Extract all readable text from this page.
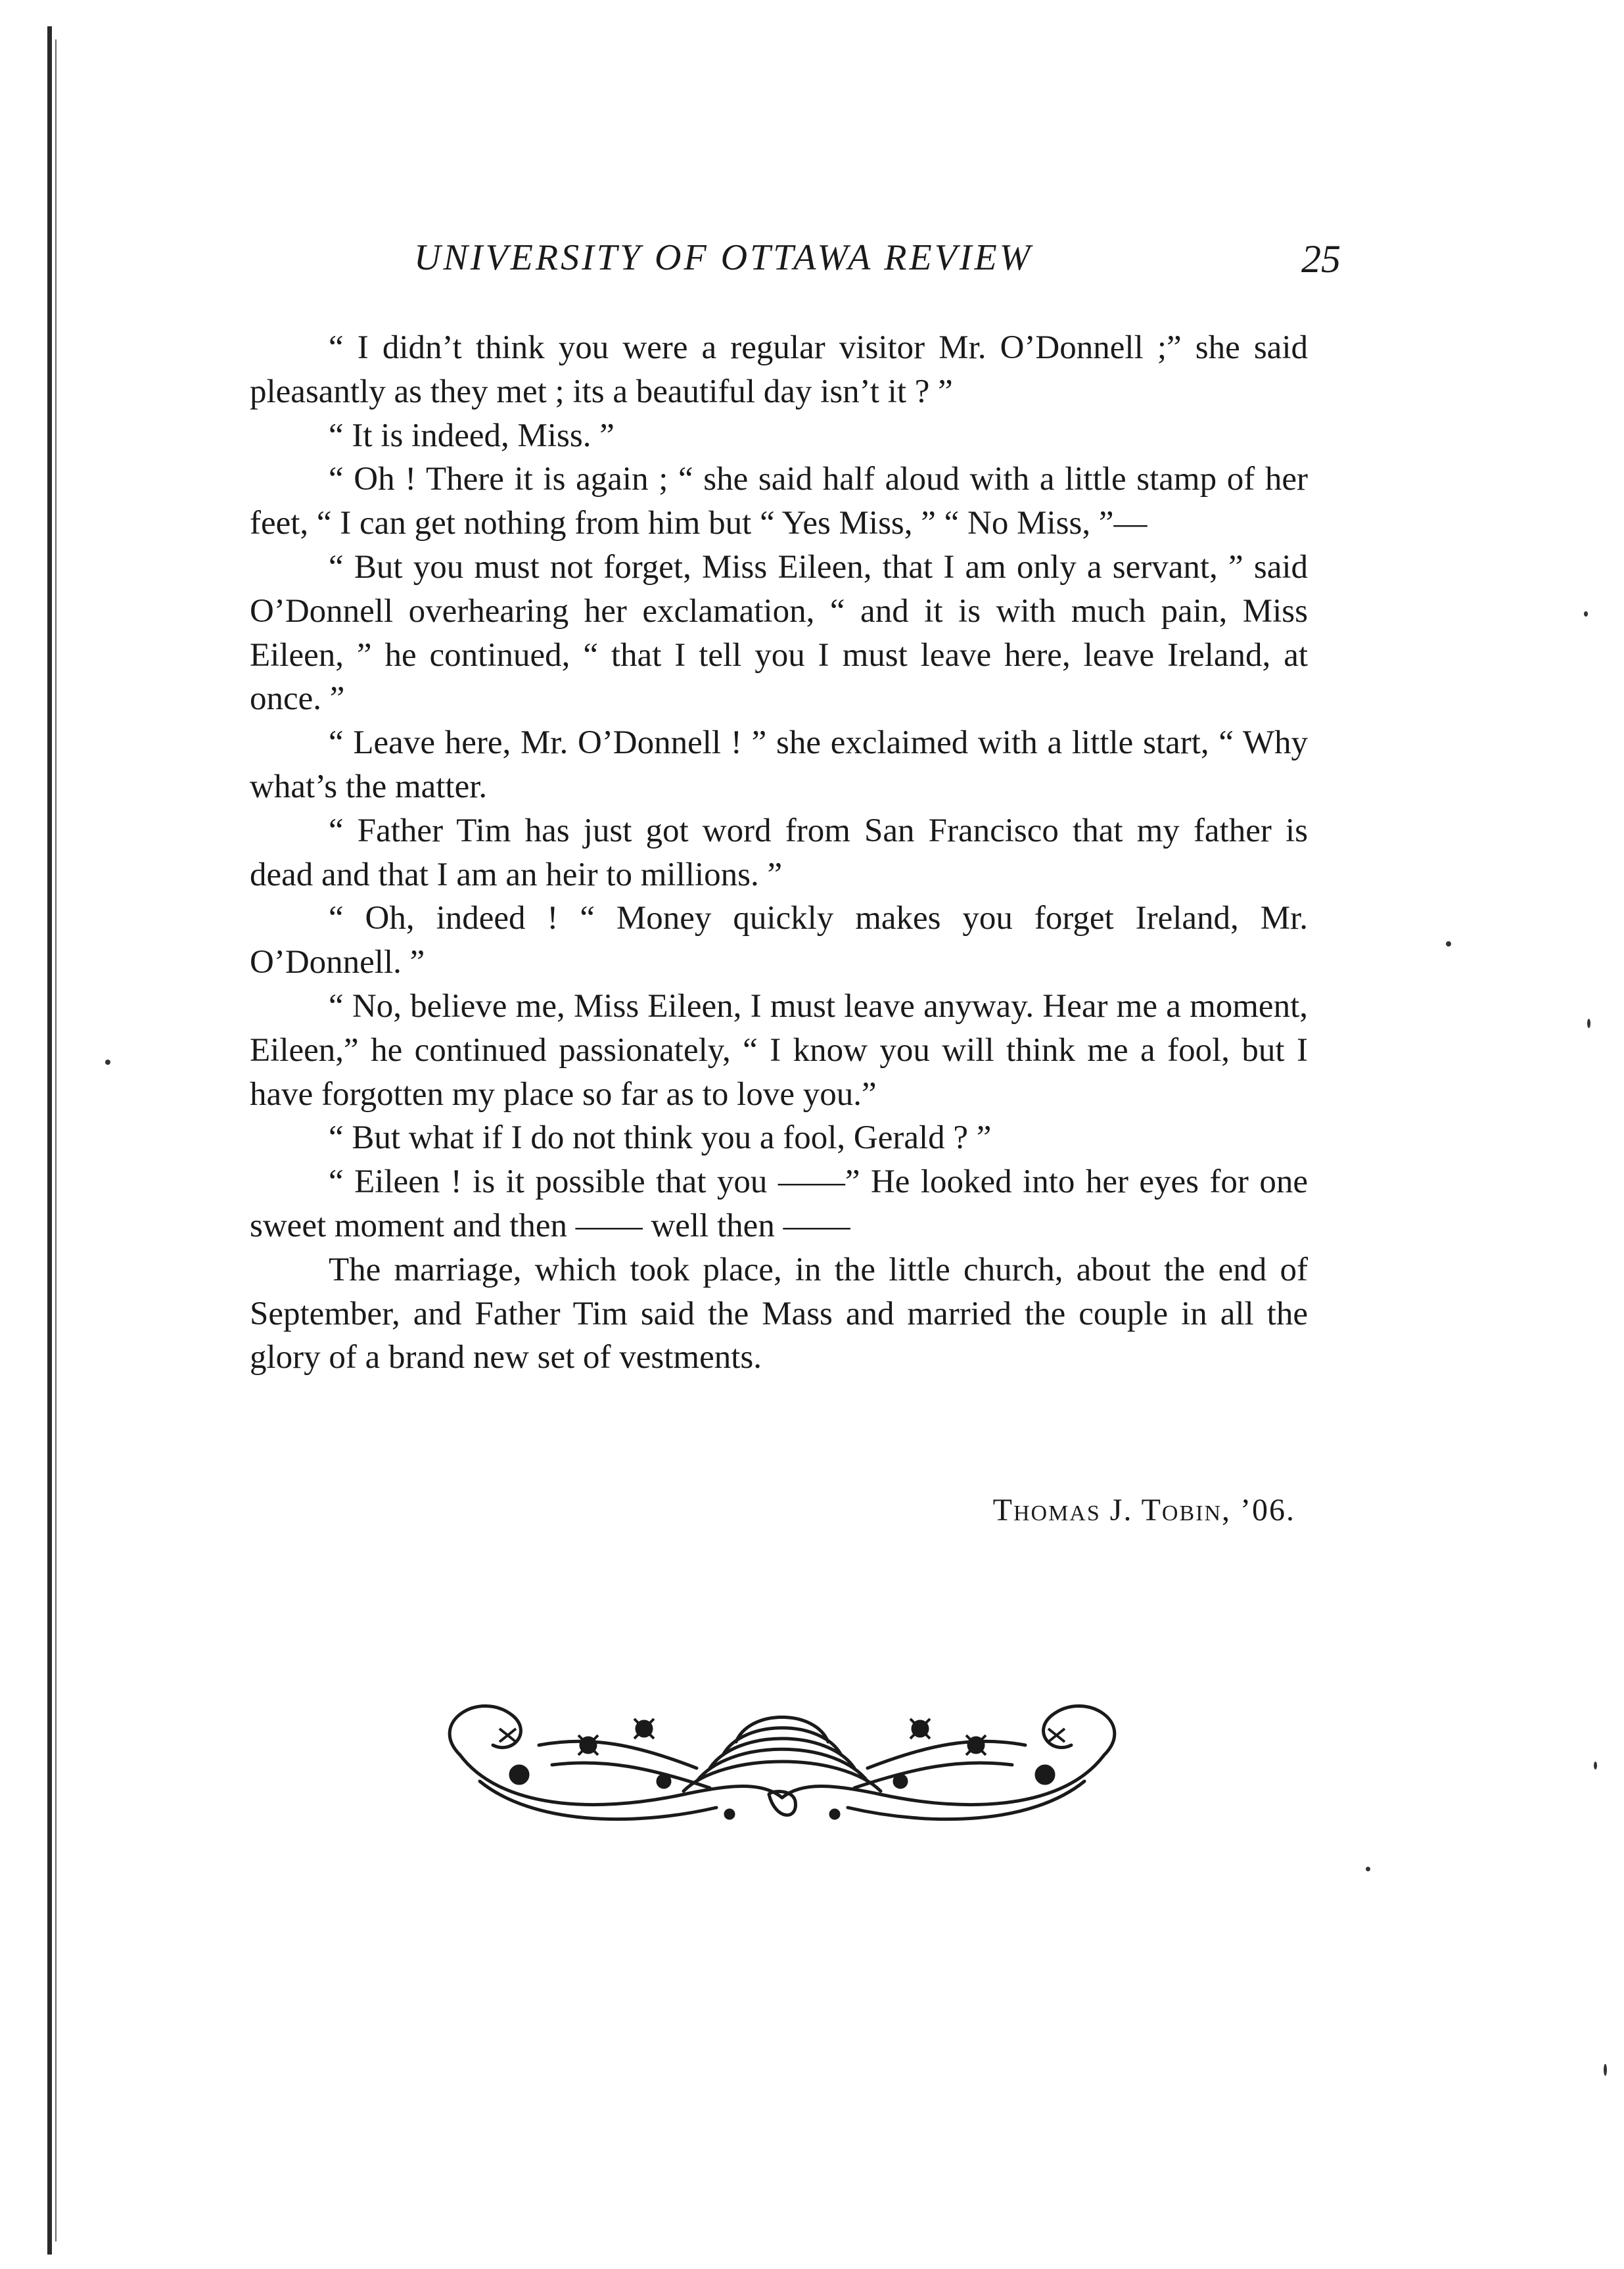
UNIVERSITY OF OTTAWA REVIEW	25

“ I didn’t think you were a regular visitor Mr. O’Donnell ;” she said pleasantly as they met ; its a beautiful day isn’t it ? ”

“ It is indeed, Miss. ”

“ Oh ! There it is again ; “ she said half aloud with a little stamp of her feet, “ I can get nothing from him but “ Yes Miss, ” “ No Miss, ”—

“ But you must not forget, Miss Eileen, that I am only a servant, ” said O’Donnell overhearing her exclamation, “ and it is with much pain, Miss Eileen, ” he continued, “ that I tell you I must leave here, leave Ireland, at once. ”

“ Leave here, Mr. O’Donnell ! ” she exclaimed with a little start, “ Why what’s the matter.

“ Father Tim has just got word from San Francisco that my father is dead and that I am an heir to millions. ”

“ Oh, indeed ! “ Money quickly makes you forget Ireland, Mr. O’Donnell. ”

“ No, believe me, Miss Eileen, I must leave anyway. Hear me a moment, Eileen,” he continued passionately, “ I know you will think me a fool, but I have forgotten my place so far as to love you.”

“ But what if I do not think you a fool, Gerald ? ”

“ Eileen ! is it possible that you ——” He looked into her eyes for one sweet moment and then —— well then ——

The marriage, which took place, in the little church, about the end of September, and Father Tim said the Mass and married the couple in all the glory of a brand new set of vestments.

Thomas J. Tobin, ’06.
